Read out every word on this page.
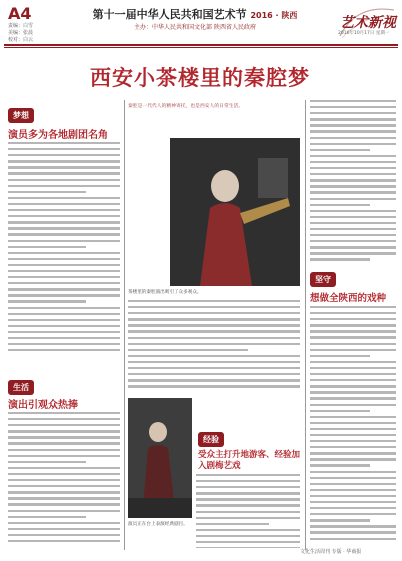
A4
责编：白雪
美编：张晨
校对：白云
第十一届中华人民共和国艺术节 2016 · 陕西
主办：中华人民共和国文化部 陕西省人民政府	艺术新视
2016年10月17日 星期一
西安小茶楼里的秦腔梦
秦腔是一代代人的精神寄托，也是西安人的日常生活。
梦想
演员多为各地剧团名角
生活
演出引观众热捧
茶楼里的秦腔演出吸引了众多观众。
演员正在台上表演经典剧目。
坚守
想做全陕西的戏种
经验
受众主打升地游客、经验加入剧梅艺戏
文化生活周刊 专版 · 华商报
